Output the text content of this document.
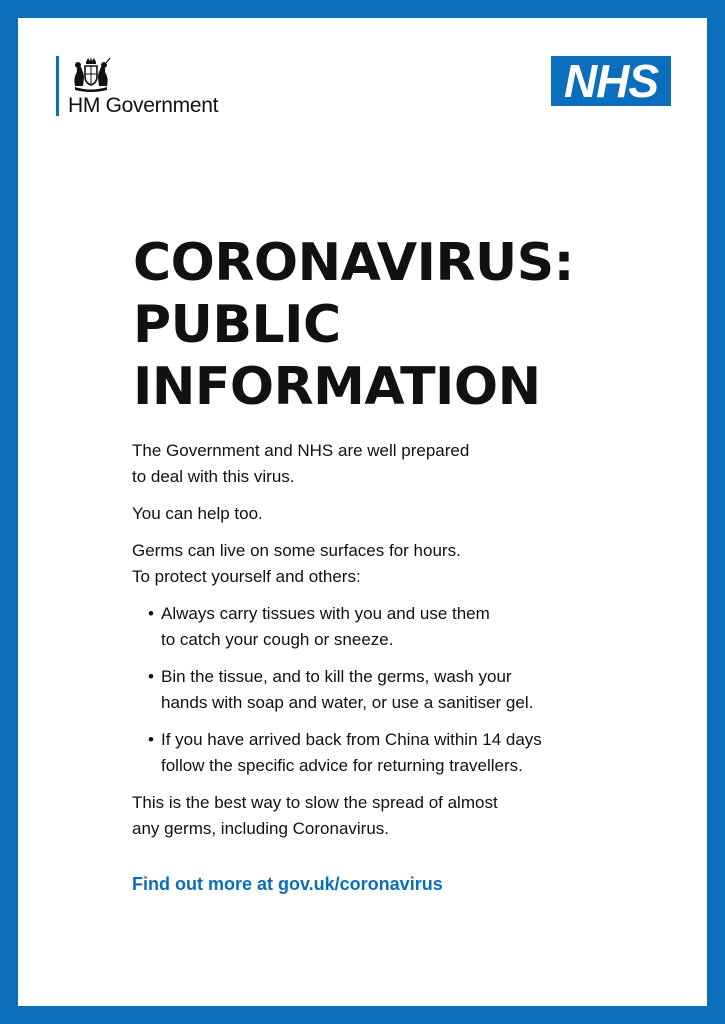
HM Government	NHS
CORONAVIRUS:
PUBLIC
INFORMATION

The Government and NHS are well prepared
to deal with this virus.

You can help too.

Germs can live on some surfaces for hours.
To protect yourself and others:

• Always carry tissues with you and use them
to catch your cough or sneeze.
• Bin the tissue, and to kill the germs, wash your
hands with soap and water, or use a sanitiser gel.
• If you have arrived back from China within 14 days
follow the specific advice for returning travellers.

This is the best way to slow the spread of almost
any germs, including Coronavirus.

Find out more at gov.uk/coronavirus
